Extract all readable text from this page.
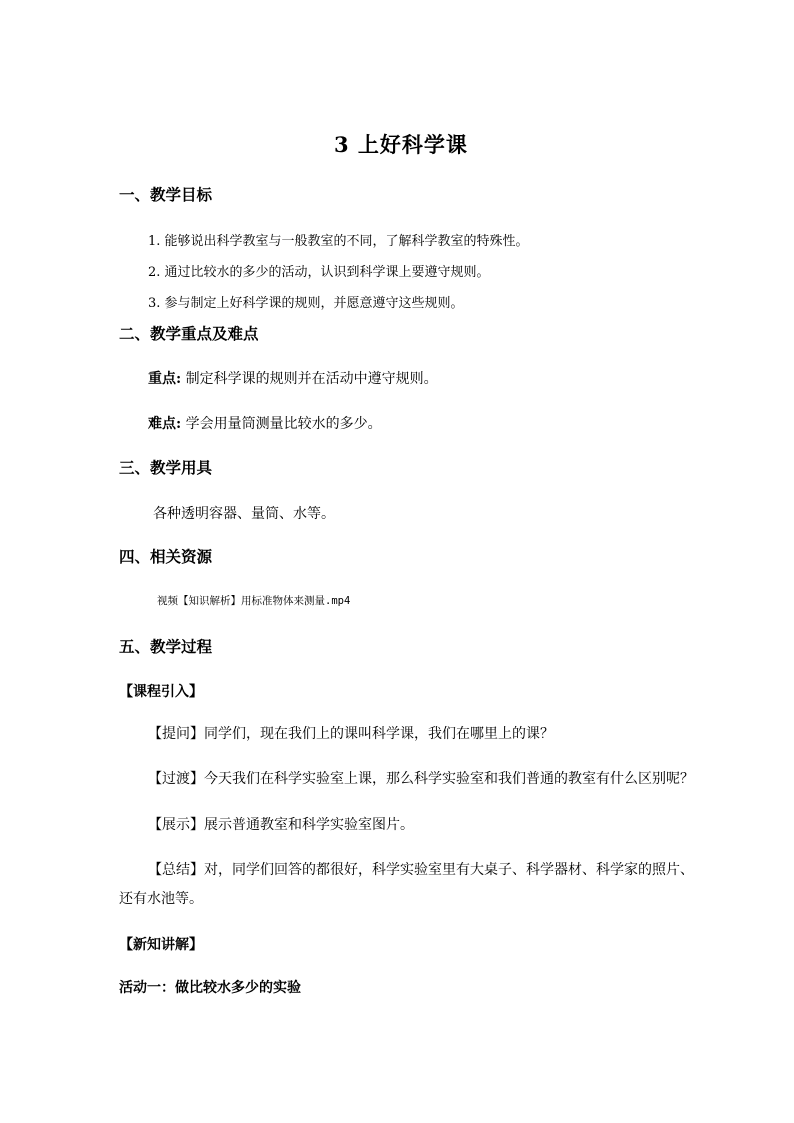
3 上好科学课
一、教学目标
1. 能够说出科学教室与一般教室的不同，了解科学教室的特殊性。
2. 通过比较水的多少的活动，认识到科学课上要遵守规则。
3. 参与制定上好科学课的规则，并愿意遵守这些规则。
二、教学重点及难点
重点: 制定科学课的规则并在活动中遵守规则。
难点: 学会用量筒测量比较水的多少。
三、教学用具
各种透明容器、量筒、水等。
四、相关资源
视频【知识解析】用标准物体来测量.mp4
五、教学过程
【课程引入】
【提问】同学们，现在我们上的课叫科学课，我们在哪里上的课？
【过渡】今天我们在科学实验室上课，那么科学实验室和我们普通的教室有什么区别呢？
【展示】展示普通教室和科学实验室图片。
【总结】对，同学们回答的都很好，科学实验室里有大桌子、科学器材、科学家的照片、
还有水池等。
【新知讲解】
活动一：做比较水多少的实验
